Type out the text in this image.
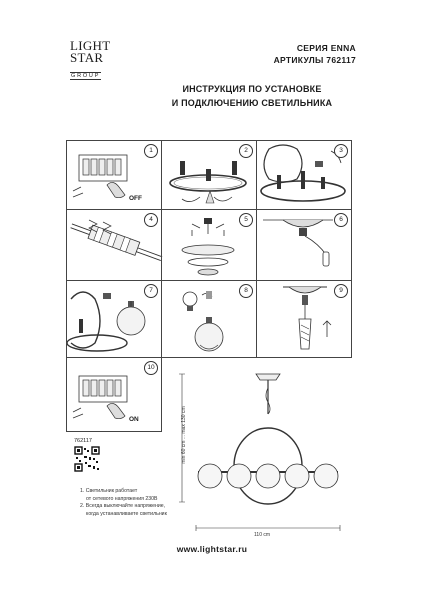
LIGHT
STAR
GROUP
СЕРИЯ ENNA
АРТИКУЛЫ 762117
ИНСТРУКЦИЯ ПО УСТАНОВКЕ
И ПОДКЛЮЧЕНИЮ СВЕТИЛЬНИКА
1
OFF
2	3
4	5	6
7	8	9
10
ON	min 60 cm ... max 130 cm
110 cm
762117
1. Светильник работает
от сетевого напряжения 230В
2. Всегда выключайте напряжение,
когда устанавливаете светильник
www.lightstar.ru
